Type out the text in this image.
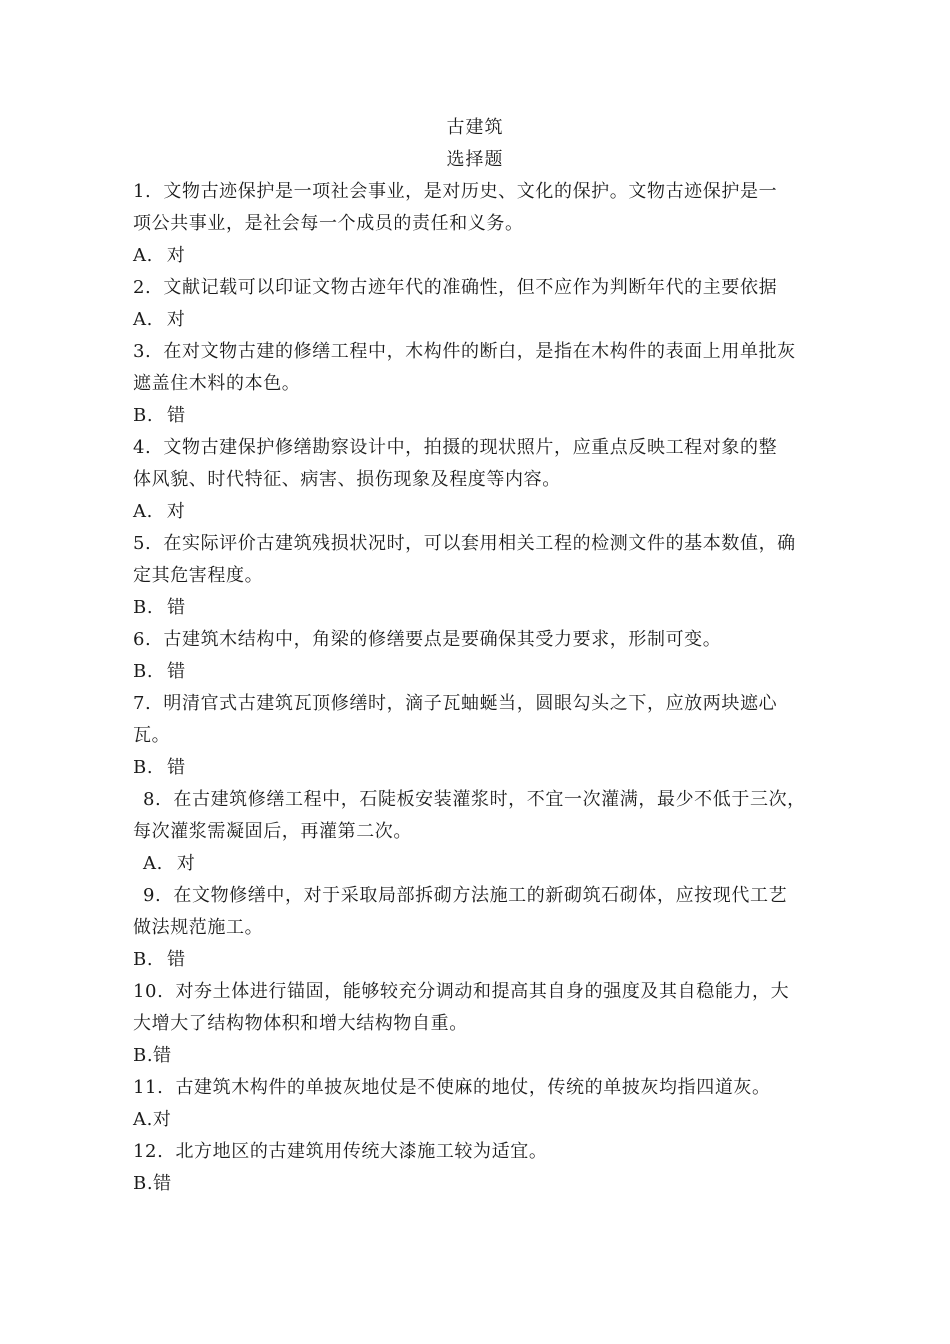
古建筑
选择题
1. 文物古迹保护是一项社会事业，是对历史、文化的保护。文物古迹保护是一
项公共事业，是社会每一个成员的责任和义务。
A. 对
2. 文献记载可以印证文物古迹年代的准确性，但不应作为判断年代的主要依据
A. 对
3. 在对文物古建的修缮工程中，木构件的断白，是指在木构件的表面上用单批灰
遮盖住木料的本色。
B. 错
4. 文物古建保护修缮勘察设计中，拍摄的现状照片，应重点反映工程对象的整
体风貌、时代特征、病害、损伤现象及程度等内容。
A. 对
5. 在实际评价古建筑残损状况时，可以套用相关工程的检测文件的基本数值，确
定其危害程度。
B. 错
6. 古建筑木结构中，角梁的修缮要点是要确保其受力要求，形制可变。
B. 错
7. 明清官式古建筑瓦顶修缮时，滴子瓦蚰蜒当，圆眼勾头之下，应放两块遮心
瓦。
B. 错
8. 在古建筑修缮工程中，石陡板安装灌浆时，不宜一次灌满，最少不低于三次，
每次灌浆需凝固后，再灌第二次。
A. 对
9. 在文物修缮中，对于采取局部拆砌方法施工的新砌筑石砌体，应按现代工艺
做法规范施工。
B. 错
10. 对夯土体进行锚固，能够较充分调动和提高其自身的强度及其自稳能力，大
大增大了结构物体积和增大结构物自重。
B.错
11. 古建筑木构件的单披灰地仗是不使麻的地仗，传统的单披灰均指四道灰。
A.对
12. 北方地区的古建筑用传统大漆施工较为适宜。
B.错
